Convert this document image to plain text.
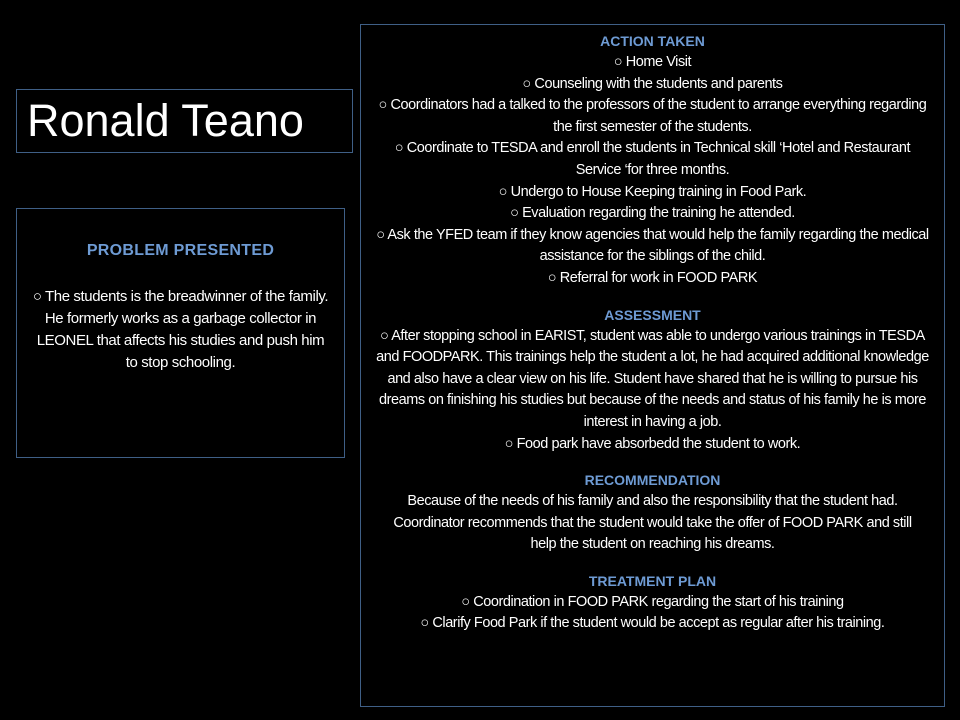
Ronald Teano
PROBLEM PRESENTED
○ The students is the breadwinner of the family. He formerly works as a garbage collector in LEONEL that affects his studies and push him to stop schooling.
ACTION TAKEN
○ Home Visit
○ Counseling with the students and parents
○ Coordinators had a talked to the professors of the student to arrange everything regarding the first semester of the students.
○ Coordinate to TESDA and enroll the students in Technical skill ‘Hotel and Restaurant Service ‘for three months.
○ Undergo to House Keeping training in Food Park.
○ Evaluation regarding the training he attended.
○ Ask the YFED team if they know agencies that would help the family regarding the medical assistance for the siblings of the child.
○ Referral for work in FOOD PARK
ASSESSMENT
○ After stopping school in EARIST, student was able to undergo various trainings in TESDA and FOODPARK. This trainings help the student a lot, he had acquired additional knowledge and also have a clear view on his life. Student have shared that he is willing to pursue his dreams on finishing his studies but because of the needs and status of his family he is more interest in having a job.
○ Food park have absorbedd the student to work.
RECOMMENDATION
Because of the needs of his family and also the responsibility that the student had. Coordinator recommends that the student would take the offer of FOOD PARK and still help the student on reaching his dreams.
TREATMENT PLAN
○ Coordination in FOOD PARK regarding the start of his training
○ Clarify Food Park if the student would be accept as regular after his training.
